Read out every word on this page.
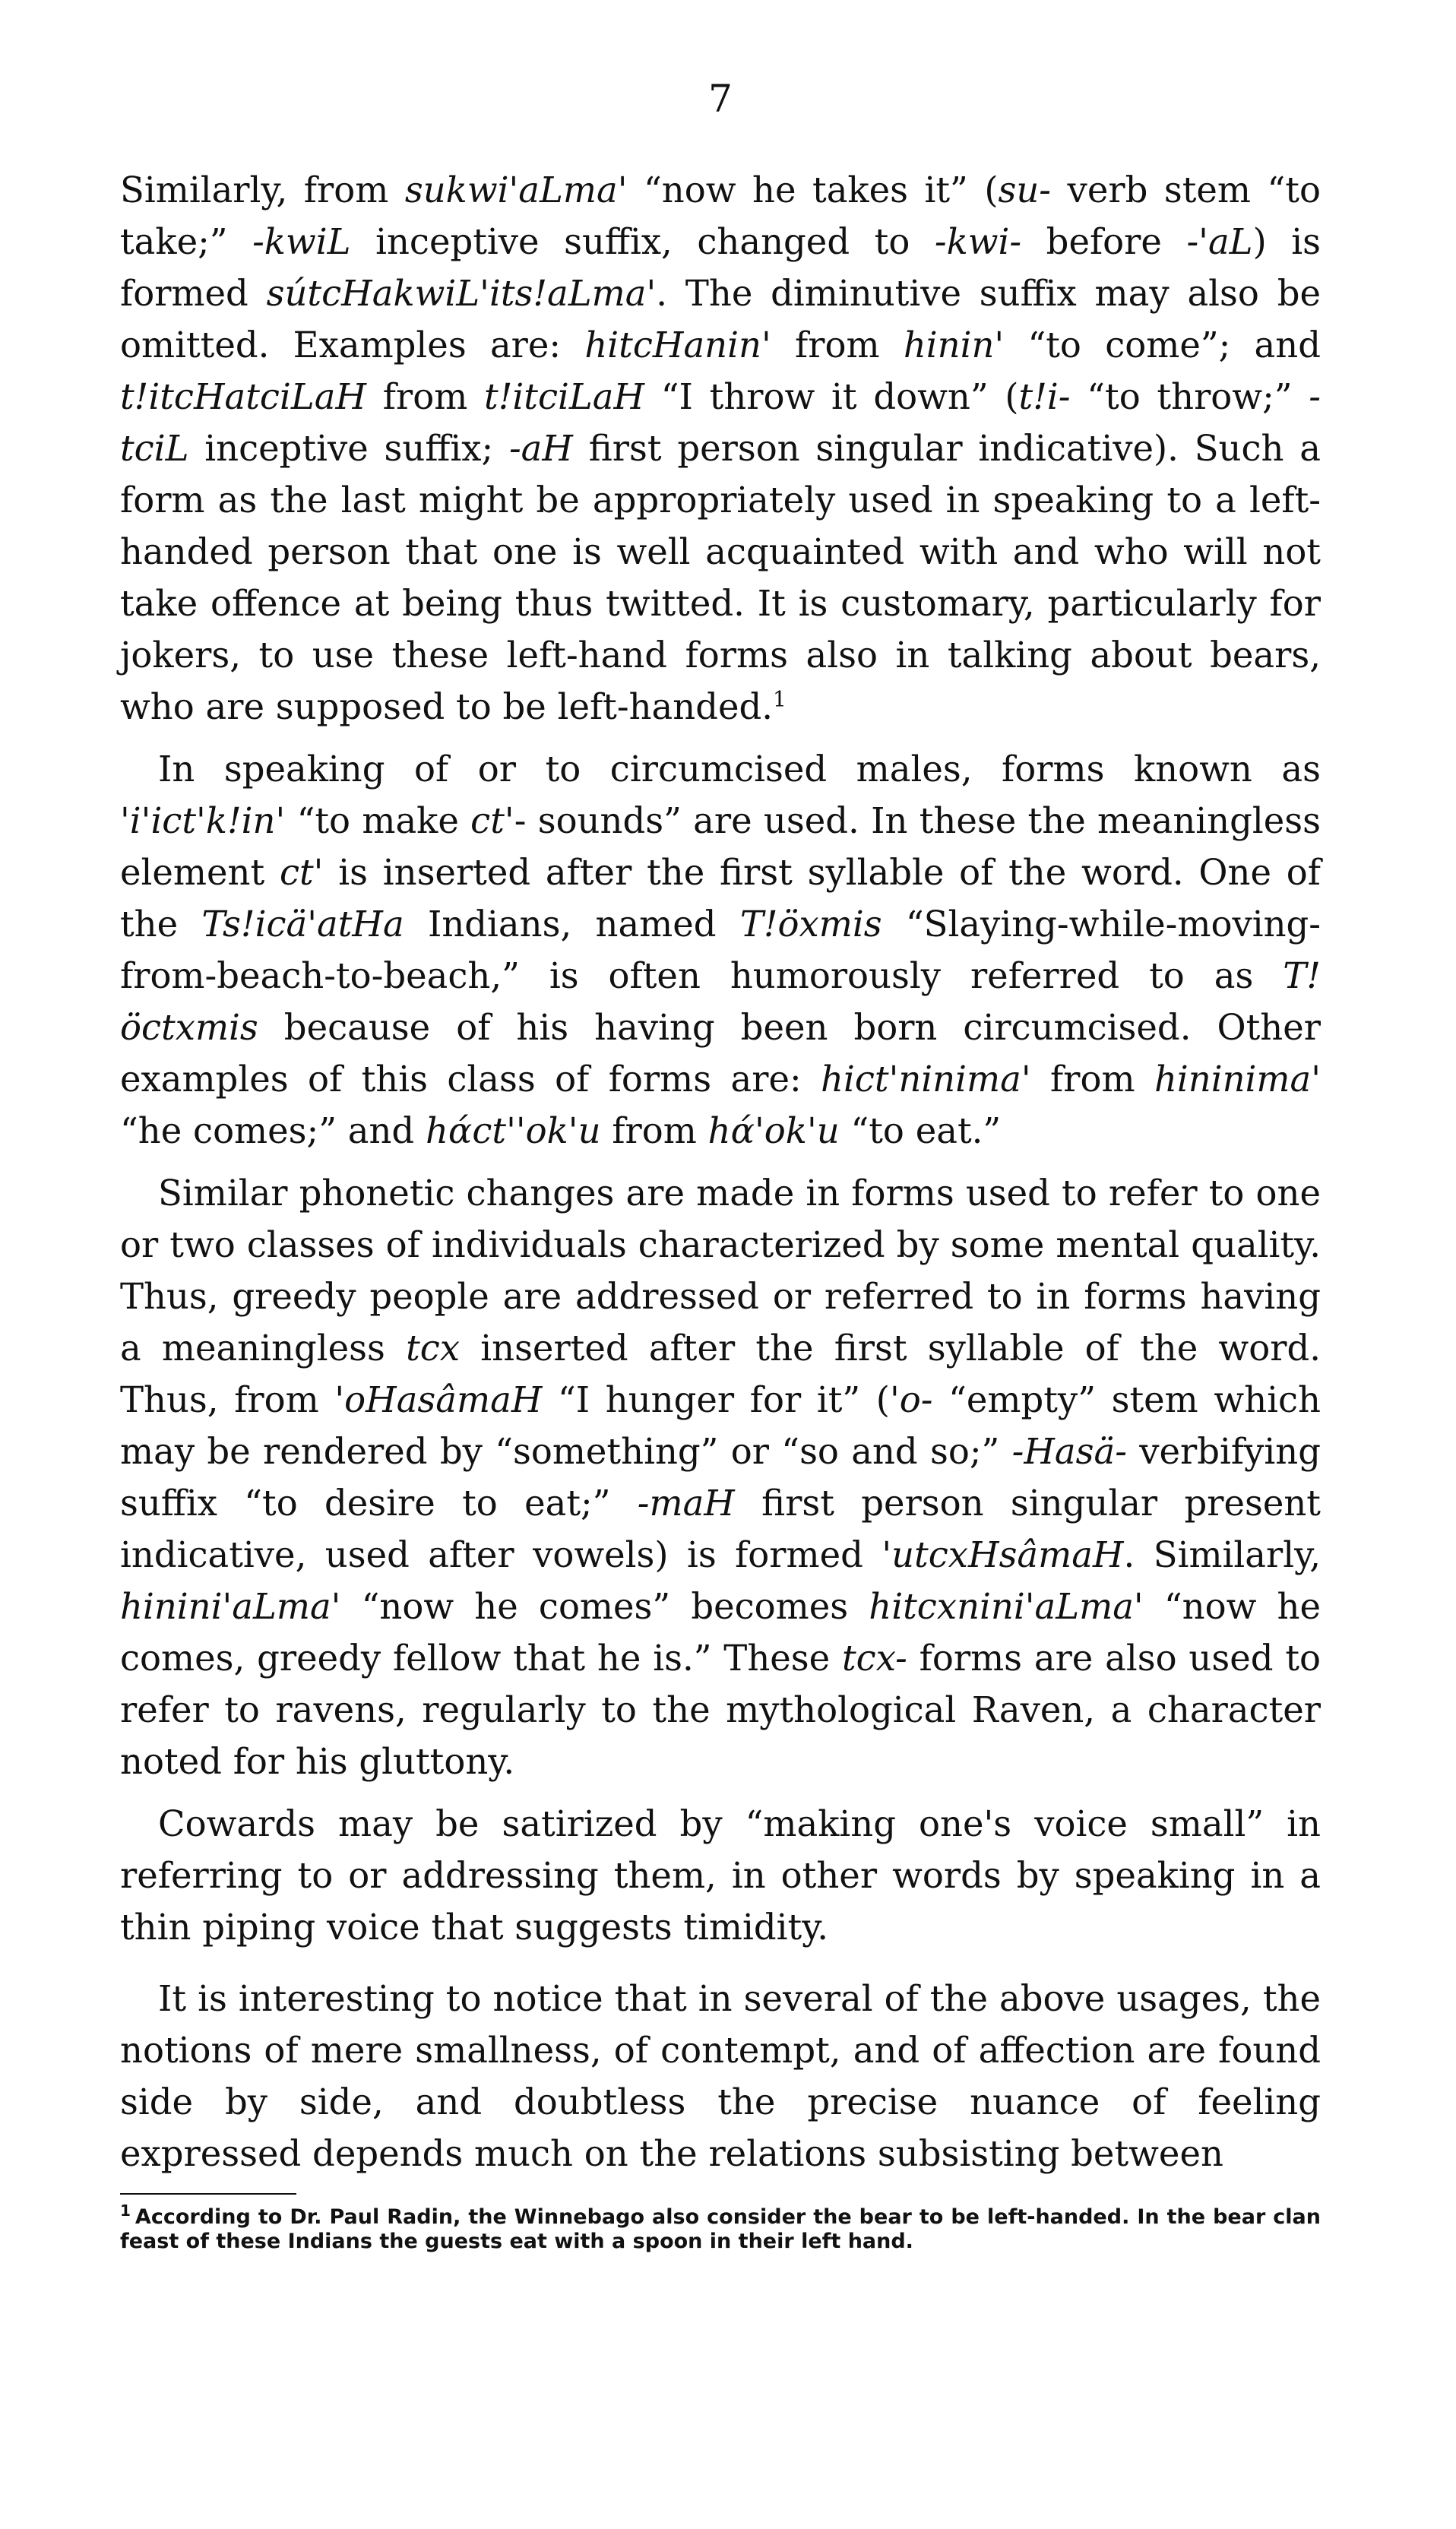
7

Similarly, from sukwi'aLma' “now he takes it” (su- verb stem “to take;” -kwiL inceptive suffix, changed to -kwi- before -'aL) is formed sútcHakwiL'its!aLma'. The diminutive suffix may also be omitted. Examples are: hitcHanin' from hinin' “to come”; and t!itcHatciLaH from t!itciLaH “I throw it down” (t!i- “to throw;” -tciL inceptive suffix; -aH first person singular indicative). Such a form as the last might be appropriately used in speaking to a left-handed person that one is well acquainted with and who will not take offence at being thus twitted. It is customary, particularly for jokers, to use these left-hand forms also in talking about bears, who are supposed to be left-handed.$^1$

In speaking of or to circumcised males, forms known as 'i'ict'k!in' “to make ct'- sounds” are used. In these the meaningless element ct' is inserted after the first syllable of the word. One of the Ts!icä'atHa Indians, named T!öxmis “Slaying-while-moving-from-beach-to-beach,” is often humorously referred to as T!öctxmis because of his having been born circumcised. Other examples of this class of forms are: hict'ninima' from hininima' “he comes;” and hάct''ok'u from hά'ok'u “to eat.”

Similar phonetic changes are made in forms used to refer to one or two classes of individuals characterized by some mental quality. Thus, greedy people are addressed or referred to in forms having a meaningless tcx inserted after the first syllable of the word. Thus, from 'oHasâmaH “I hunger for it” ('o- “empty” stem which may be rendered by “something” or “so and so;” -Hasä- verbifying suffix “to desire to eat;” -maH first person singular present indicative, used after vowels) is formed 'utcxHsâmaH. Similarly, hinini'aLma' “now he comes” becomes hitcxnini'aLma' “now he comes, greedy fellow that he is.” These tcx- forms are also used to refer to ravens, regularly to the mythological Raven, a character noted for his gluttony.

Cowards may be satirized by “making one's voice small” in referring to or addressing them, in other words by speaking in a thin piping voice that suggests timidity.

It is interesting to notice that in several of the above usages, the notions of mere smallness, of contempt, and of affection are found side by side, and doubtless the precise nuance of feeling expressed depends much on the relations subsisting between

$^1$ According to Dr. Paul Radin, the Winnebago also consider the bear to be left-handed. In the bear clan feast of these Indians the guests eat with a spoon in their left hand.
